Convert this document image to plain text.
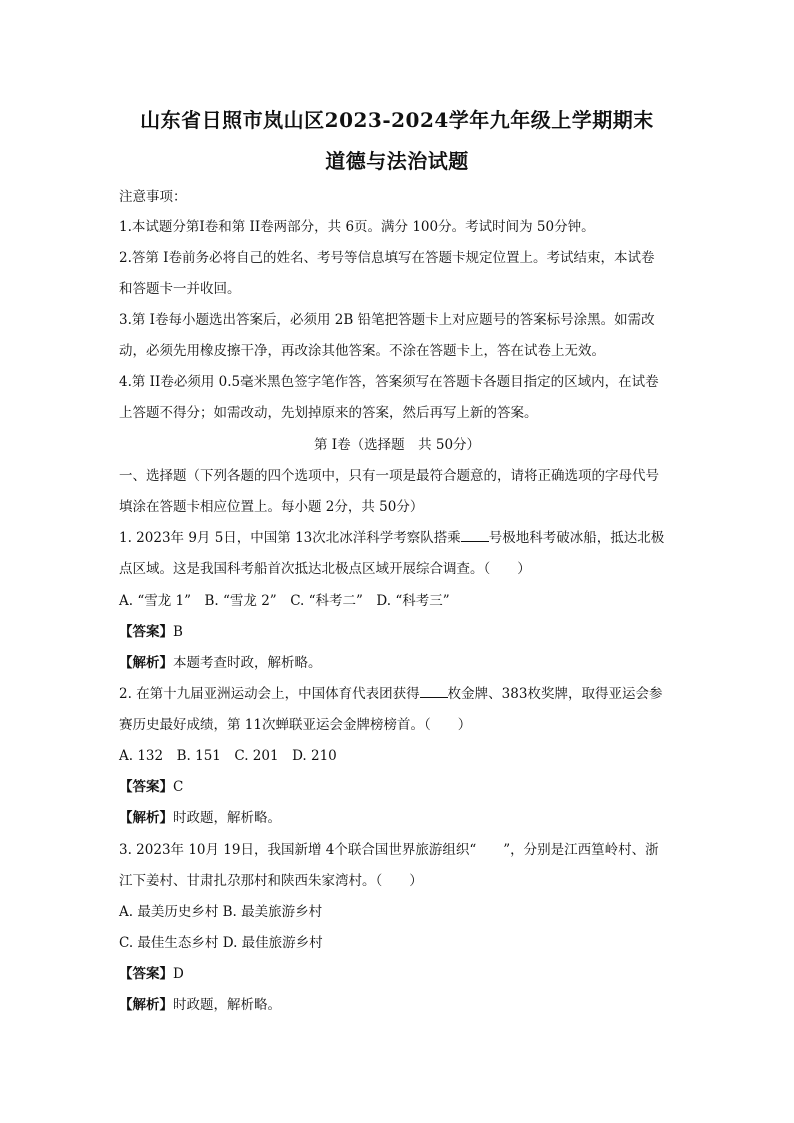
山东省日照市岚山区2023-2024学年九年级上学期期末
道德与法治试题
注意事项：
1.本试题分第I卷和第 II卷两部分，共 6页。满分 100分。考试时间为 50分钟。
2.答第 I卷前务必将自己的姓名、考号等信息填写在答题卡规定位置上。考试结束，本试卷
和答题卡一并收回。
3.第 I卷每小题选出答案后，必须用 2B 铅笔把答题卡上对应题号的答案标号涂黑。如需改
动，必须先用橡皮擦干净，再改涂其他答案。不涂在答题卡上，答在试卷上无效。
4.第 II卷必须用 0.5毫米黑色签字笔作答，答案须写在答题卡各题目指定的区域内，在试卷
上答题不得分；如需改动，先划掉原来的答案，然后再写上新的答案。
第 I卷（选择题　共 50分）
一、选择题（下列各题的四个选项中，只有一项是最符合题意的，请将正确选项的字母代号
填涂在答题卡相应位置上。每小题 2分，共 50分）
1. 2023年 9月 5日，中国第 13次北冰洋科学考察队搭乘 号极地科考破冰船，抵达北极
点区域。这是我国科考船首次抵达北极点区域开展综合调查。（　　）
A. “雪龙 1”　B. “雪龙 2”　C. “科考二”　D. “科考三”
【答案】B
【解析】本题考查时政，解析略。
2. 在第十九届亚洲运动会上，中国体育代表团获得 枚金牌、383枚奖牌，取得亚运会参
赛历史最好成绩，第 11次蝉联亚运会金牌榜榜首。（　　）
A. 132　B. 151　C. 201　D. 210
【答案】C
【解析】时政题，解析略。
3. 2023年 10月 19日，我国新增 4个联合国世界旅游组织“　　”，分别是江西篁岭村、浙
江下姜村、甘肃扎尕那村和陕西朱家湾村。（　　）
A. 最美历史乡村 B. 最美旅游乡村
C. 最佳生态乡村 D. 最佳旅游乡村
【答案】D
【解析】时政题，解析略。
